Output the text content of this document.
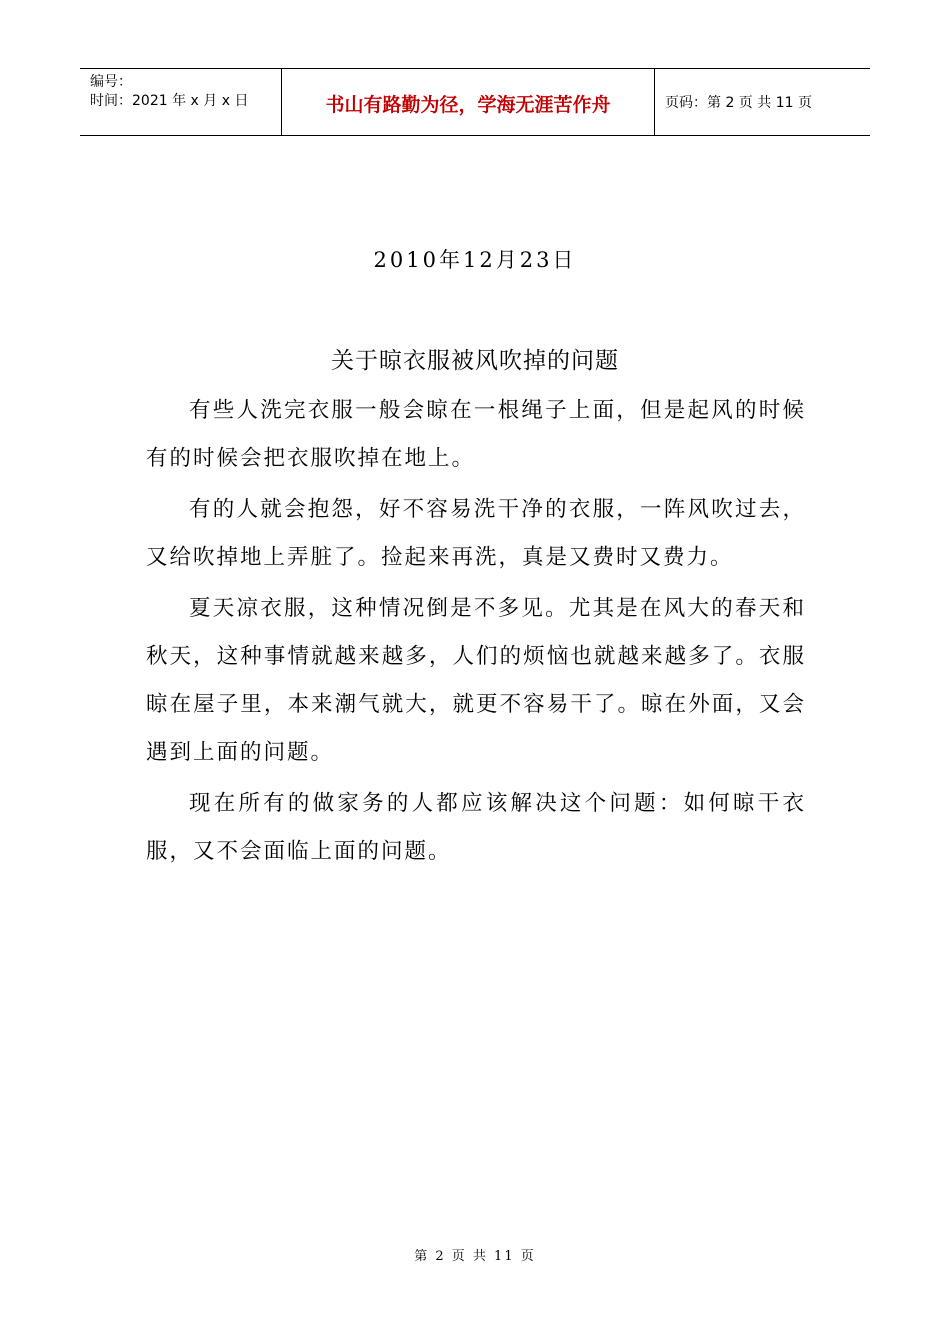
编号：
时间：2021 年 x 月 x 日	书山有路勤为径，学海无涯苦作舟	页码：第 2 页 共 11 页
2010年12月23日
关于晾衣服被风吹掉的问题

有些人洗完衣服一般会晾在一根绳子上面，但是起风的时候有的时候会把衣服吹掉在地上。

有的人就会抱怨，好不容易洗干净的衣服，一阵风吹过去，又给吹掉地上弄脏了。捡起来再洗，真是又费时又费力。

夏天凉衣服，这种情况倒是不多见。尤其是在风大的春天和秋天，这种事情就越来越多，人们的烦恼也就越来越多了。衣服晾在屋子里，本来潮气就大，就更不容易干了。晾在外面，又会遇到上面的问题。

现在所有的做家务的人都应该解决这个问题：如何晾干衣服，又不会面临上面的问题。

第 2 页 共 11 页
